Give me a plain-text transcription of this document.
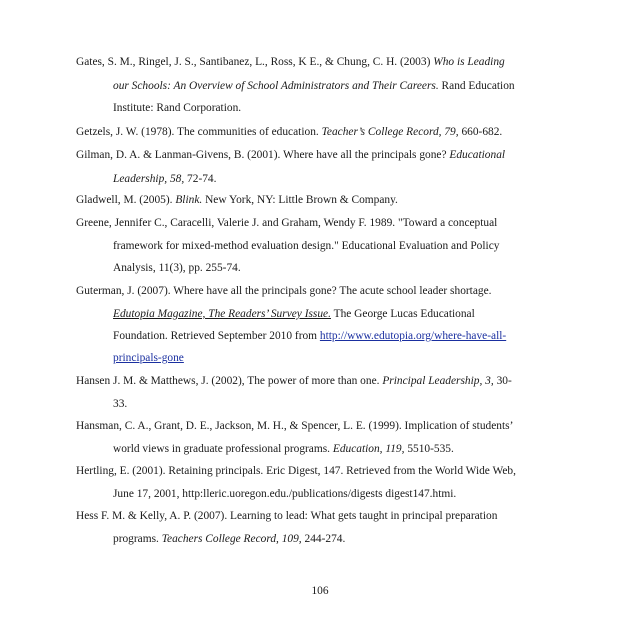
Gates, S. M., Ringel, J. S., Santibanez, L., Ross, K E., & Chung, C. H. (2003) Who is Leading
our Schools: An Overview of School Administrators and Their Careers. Rand Education
Institute: Rand Corporation.
Getzels, J. W. (1978). The communities of education. Teacher’s College Record, 79, 660-682.
Gilman, D. A. & Lanman-Givens, B. (2001). Where have all the principals gone? Educational
Leadership, 58, 72-74.
Gladwell, M. (2005). Blink. New York, NY: Little Brown & Company.
Greene, Jennifer C., Caracelli, Valerie J. and Graham, Wendy F. 1989. "Toward a conceptual
framework for mixed-method evaluation design." Educational Evaluation and Policy
Analysis, 11(3), pp. 255-74.
Guterman, J. (2007). Where have all the principals gone? The acute school leader shortage.
Edutopia Magazine, The Readers’ Survey Issue. The George Lucas Educational
Foundation. Retrieved September 2010 from http://www.edutopia.org/where-have-all-
principals-gone
Hansen J. M. & Matthews, J. (2002), The power of more than one. Principal Leadership, 3, 30-
33.
Hansman, C. A., Grant, D. E., Jackson, M. H., & Spencer, L. E. (1999). Implication of students’
world views in graduate professional programs. Education, 119, 5510-535.
Hertling, E. (2001). Retaining principals. Eric Digest, 147. Retrieved from the World Wide Web,
June 17, 2001, http:lleric.uoregon.edu./publications/digests digest147.htmi.
Hess F. M. & Kelly, A. P. (2007). Learning to lead: What gets taught in principal preparation
programs. Teachers College Record, 109, 244-274.
106
